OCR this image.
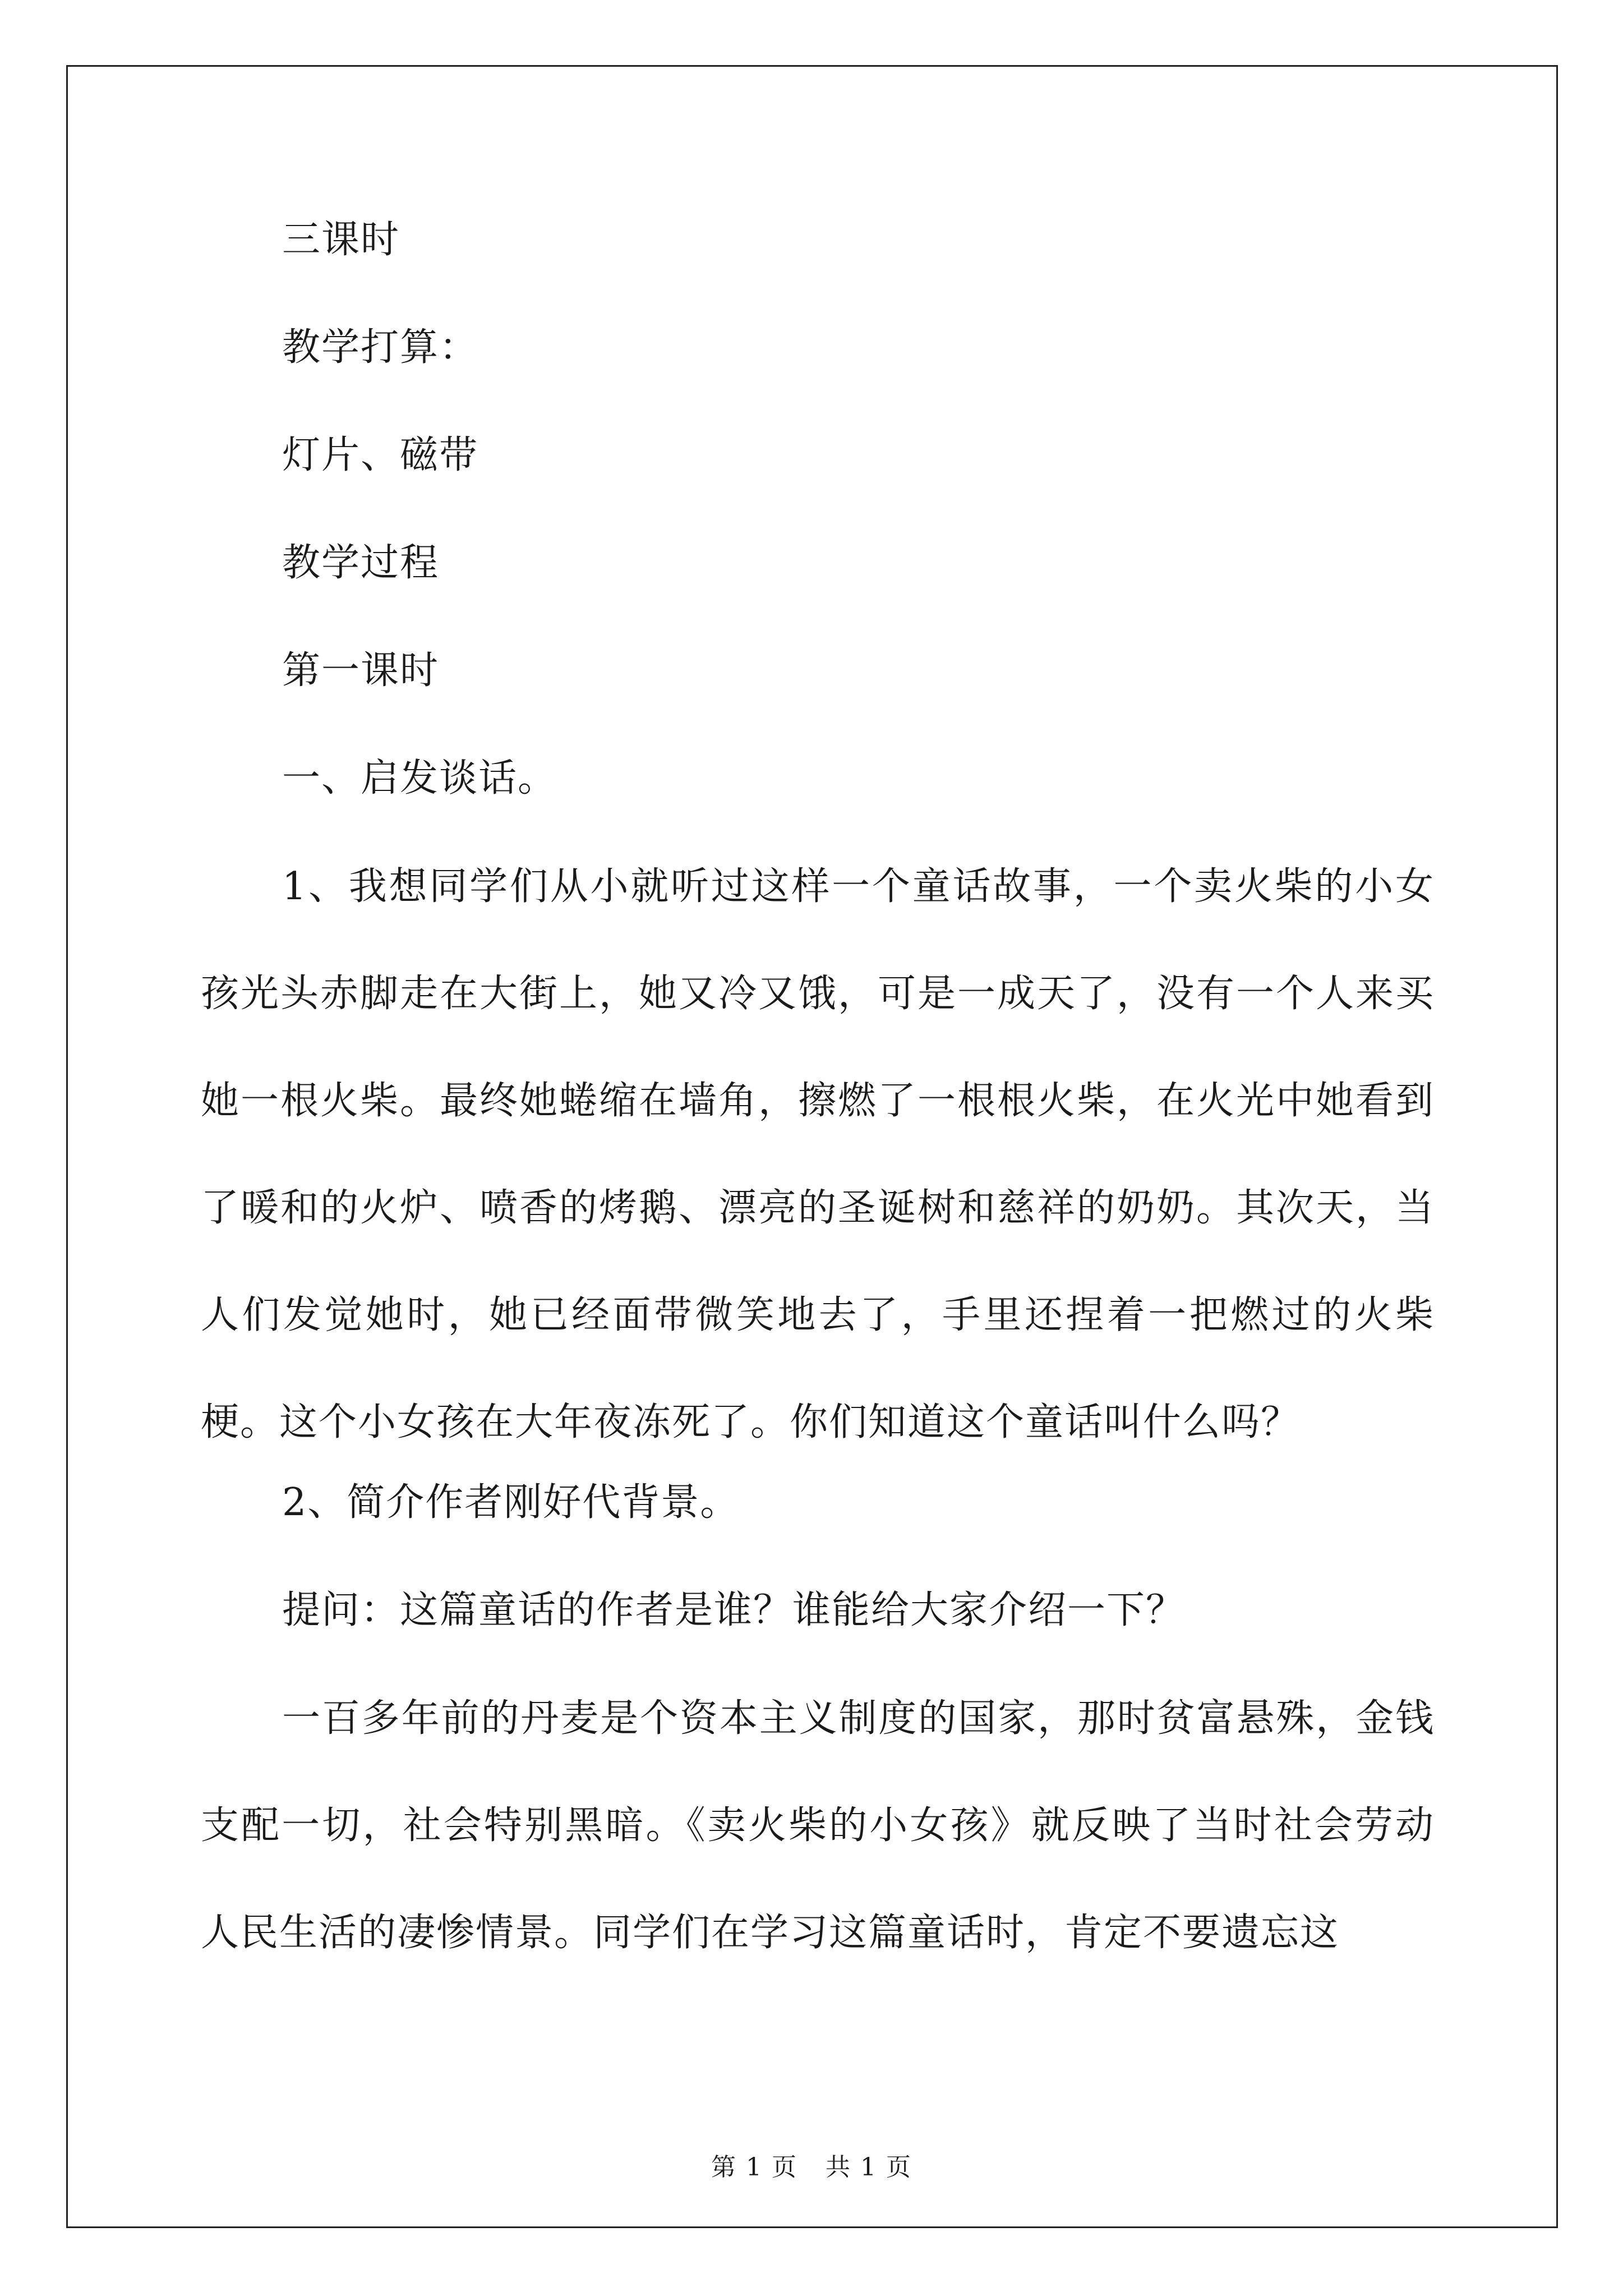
三课时
教学打算：
灯片、磁带
教学过程
第一课时
一、启发谈话。

1、我想同学们从小就听过这样一个童话故事，一个卖火柴的小女孩光头赤脚走在大街上，她又冷又饿，可是一成天了，没有一个人来买她一根火柴。最终她蜷缩在墙角，擦燃了一根根火柴，在火光中她看到了暖和的火炉、喷香的烤鹅、漂亮的圣诞树和慈祥的奶奶。其次天，当人们发觉她时，她已经面带微笑地去了，手里还捏着一把燃过的火柴梗。这个小女孩在大年夜冻死了。你们知道这个童话叫什么吗？

2、简介作者刚好代背景。
提问：这篇童话的作者是谁？谁能给大家介绍一下？

一百多年前的丹麦是个资本主义制度的国家，那时贫富悬殊，金钱支配一切，社会特别黑暗。《卖火柴的小女孩》就反映了当时社会劳动人民生活的凄惨情景。同学们在学习这篇童话时，肯定不要遗忘这

第 1 页 共 1 页
